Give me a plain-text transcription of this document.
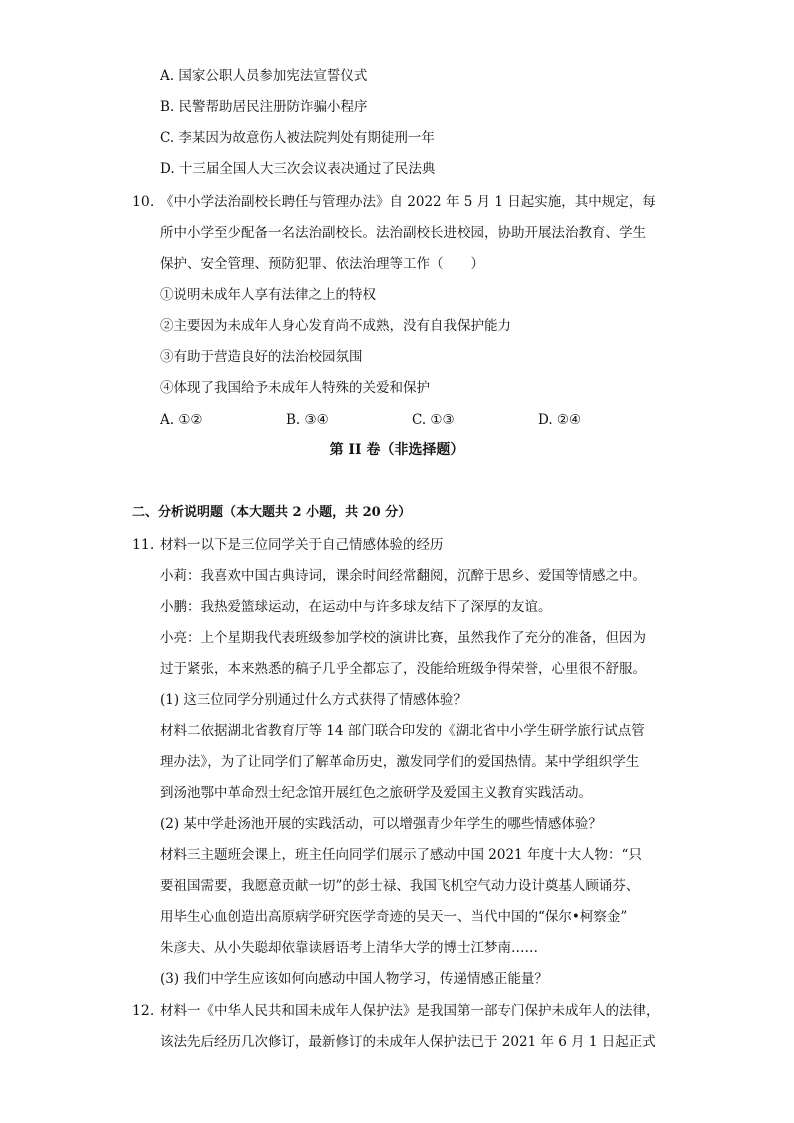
A. 国家公职人员参加宪法宣誓仪式
B. 民警帮助居民注册防诈骗小程序
C. 李某因为故意伤人被法院判处有期徒刑一年
D. 十三届全国人大三次会议表决通过了民法典
10. 《中小学法治副校长聘任与管理办法》自 2022 年 5 月 1 日起实施，其中规定，每
所中小学至少配备一名法治副校长。法治副校长进校园，协助开展法治教育、学生
保护、安全管理、预防犯罪、依法治理等工作（　　）
①说明未成年人享有法律之上的特权
②主要因为未成年人身心发育尚不成熟，没有自我保护能力
③有助于营造良好的法治校园氛围
④体现了我国给予未成年人特殊的关爱和保护
A. ①②	B. ③④	C. ①③	D. ②④
第 II 卷（非选择题）
二、分析说明题（本大题共 2 小题，共 20 分）
11. 材料一以下是三位同学关于自己情感体验的经历
小莉：我喜欢中国古典诗词，课余时间经常翻阅，沉醉于思乡、爱国等情感之中。
小鹏：我热爱篮球运动，在运动中与许多球友结下了深厚的友谊。
小亮：上个星期我代表班级参加学校的演讲比赛，虽然我作了充分的准备，但因为
过于紧张，本来熟悉的稿子几乎全都忘了，没能给班级争得荣誉，心里很不舒服。
(1) 这三位同学分别通过什么方式获得了情感体验？
材料二依据湖北省教育厅等 14 部门联合印发的《湖北省中小学生研学旅行试点管
理办法》，为了让同学们了解革命历史，激发同学们的爱国热情。某中学组织学生
到汤池鄂中革命烈士纪念馆开展红色之旅研学及爱国主义教育实践活动。
(2) 某中学赴汤池开展的实践活动，可以增强青少年学生的哪些情感体验？
材料三主题班会课上，班主任向同学们展示了感动中国 2021 年度十大人物：“只
要祖国需要，我愿意贡献一切”的彭士禄、我国飞机空气动力设计奠基人顾诵芬、
用毕生心血创造出高原病学研究医学奇迹的吴天一、当代中国的“保尔•柯察金”
朱彦夫、从小失聪却依靠读唇语考上清华大学的博士江梦南……
(3) 我们中学生应该如何向感动中国人物学习，传递情感正能量？
12. 材料一《中华人民共和国未成年人保护法》是我国第一部专门保护未成年人的法律，
该法先后经历几次修订，最新修订的未成年人保护法已于 2021 年 6 月 1 日起正式
